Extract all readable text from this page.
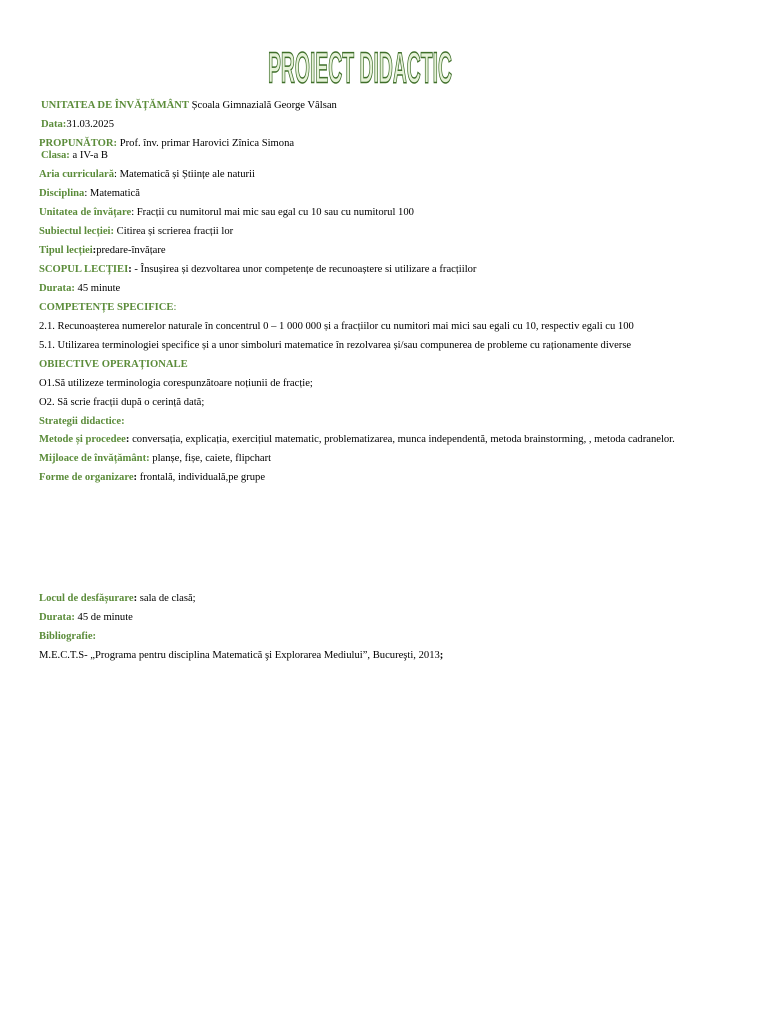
PROIECT DIDACTIC
UNITATEA DE ÎNVĂȚĂMÂNT Școala Gimnazială George Vâlsan
Data:31.03.2025
PROPUNĂTOR: Prof. înv. primar Harovici Zînica Simona
Clasa: a IV-a B
Aria curriculară: Matematică și Științe ale naturii
Disciplina: Matematică
Unitatea de învățare: Fracții cu numitorul mai mic sau egal cu 10 sau cu numitorul 100
Subiectul lecției: Citirea și scrierea fracții lor
Tipul lecției:predare-învățare
SCOPUL LECȚIEI: - Însușirea și dezvoltarea unor competențe de recunoaștere si utilizare a fracțiilor
Durata: 45 minute
COMPETENȚE SPECIFICE:
2.1. Recunoașterea numerelor naturale în concentrul 0 – 1 000 000 și a fracțiilor cu numitori mai mici sau egali cu 10, respectiv egali cu 100
5.1. Utilizarea terminologiei specifice și a unor simboluri matematice în rezolvarea și/sau compunerea de probleme cu raționamente diverse
OBIECTIVE OPERAȚIONALE
O1.Să utilizeze terminologia corespunzătoare noțiunii de fracție;
O2. Să scrie fracții după o cerință dată;
Strategii didactice:
Metode și procedee: conversația, explicația, exercițiul matematic, problematizarea, munca independentă, metoda brainstorming, , metoda cadranelor.
Mijloace de învățământ: planșe, fișe, caiete, flipchart
Forme de organizare: frontală, individuală,pe grupe
Locul de desfășurare: sala de clasă;
Durata: 45 de minute
Bibliografie:
M.E.C.T.S- „Programa pentru disciplina Matematică şi Explorarea Mediului”, Bucureşti, 2013;
